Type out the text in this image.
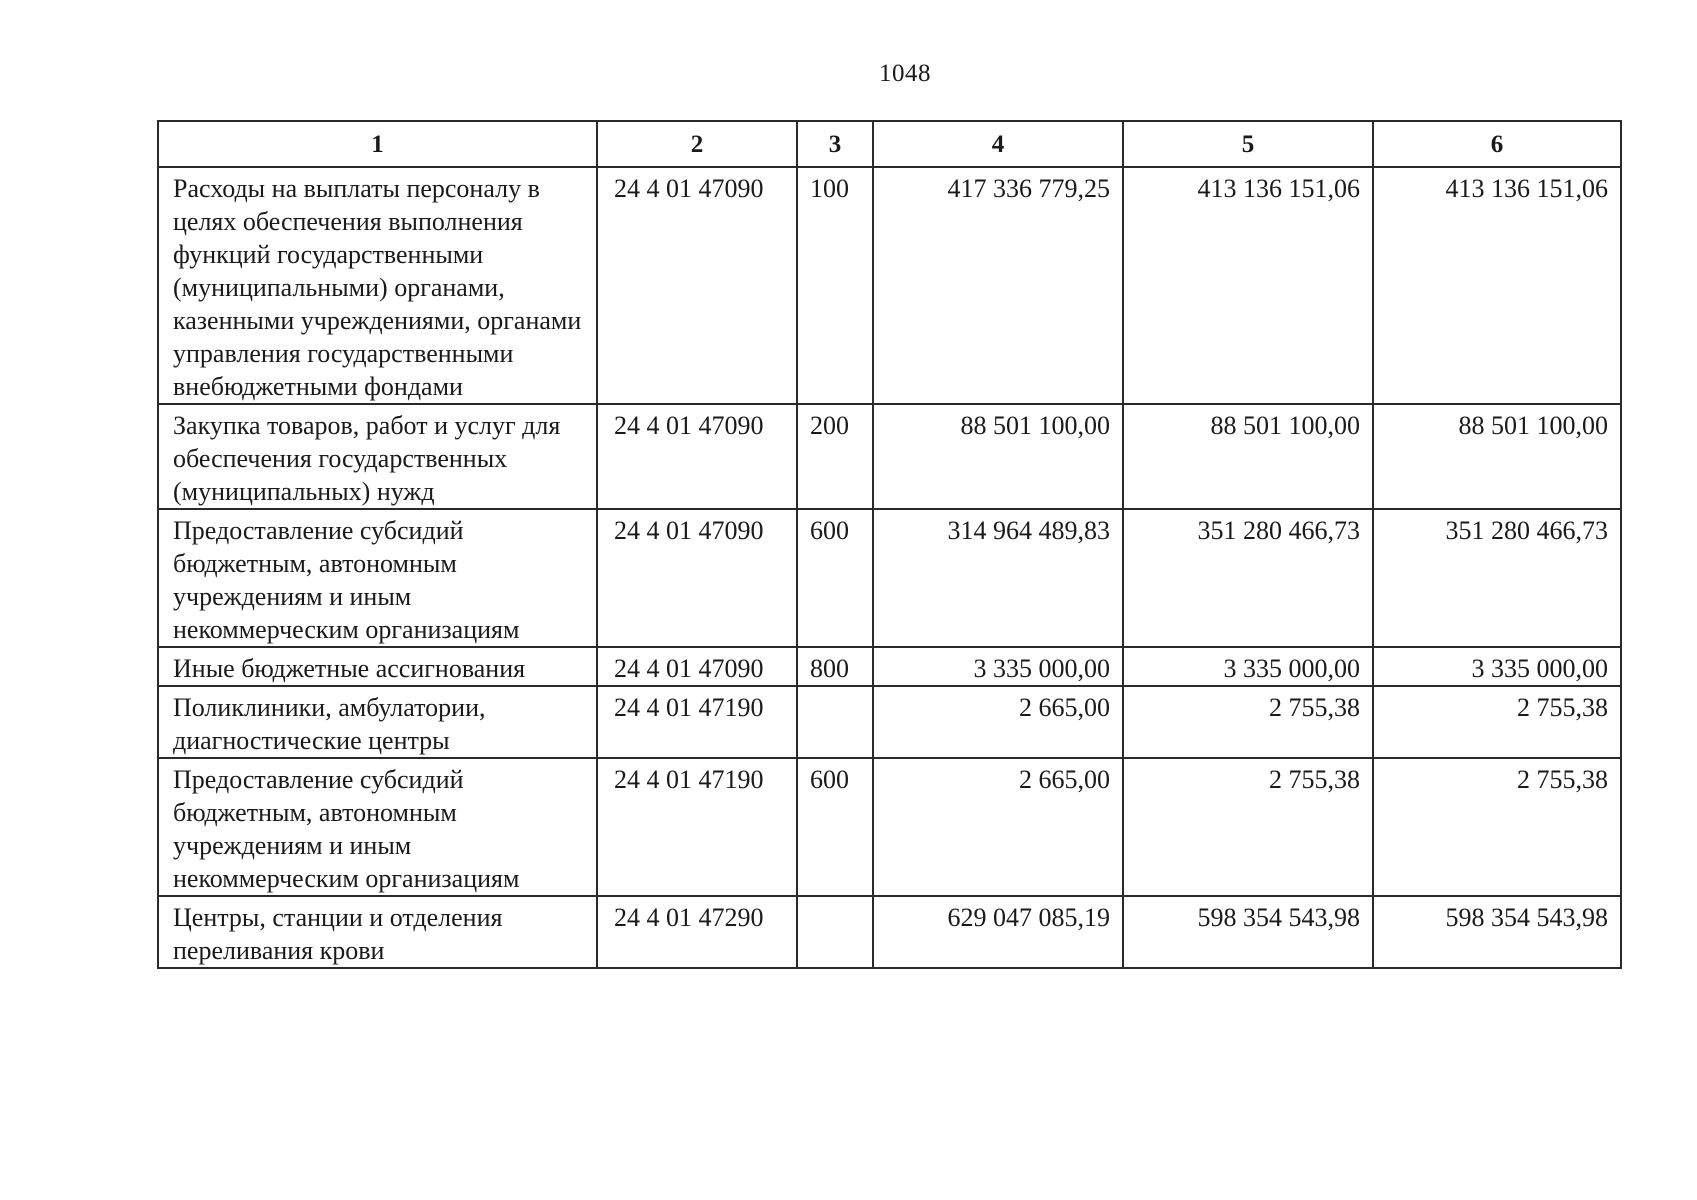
1048
1	2	3	4	5	6
Расходы на выплаты персоналу в целях обеспечения выполнения функций государственными (муниципальными) органами, казенными учреждениями, органами управления государственными внебюджетными фондами	24 4 01 47090	100	417 336 779,25	413 136 151,06	413 136 151,06
Закупка товаров, работ и услуг для обеспечения государственных (муниципальных) нужд	24 4 01 47090	200	88 501 100,00	88 501 100,00	88 501 100,00
Предоставление субсидий бюджетным, автономным учреждениям и иным некоммерческим организациям	24 4 01 47090	600	314 964 489,83	351 280 466,73	351 280 466,73
Иные бюджетные ассигнования	24 4 01 47090	800	3 335 000,00	3 335 000,00	3 335 000,00
Поликлиники, амбулатории, диагностические центры	24 4 01 47190		2 665,00	2 755,38	2 755,38
Предоставление субсидий бюджетным, автономным учреждениям и иным некоммерческим организациям	24 4 01 47190	600	2 665,00	2 755,38	2 755,38
Центры, станции и отделения переливания крови	24 4 01 47290		629 047 085,19	598 354 543,98	598 354 543,98
